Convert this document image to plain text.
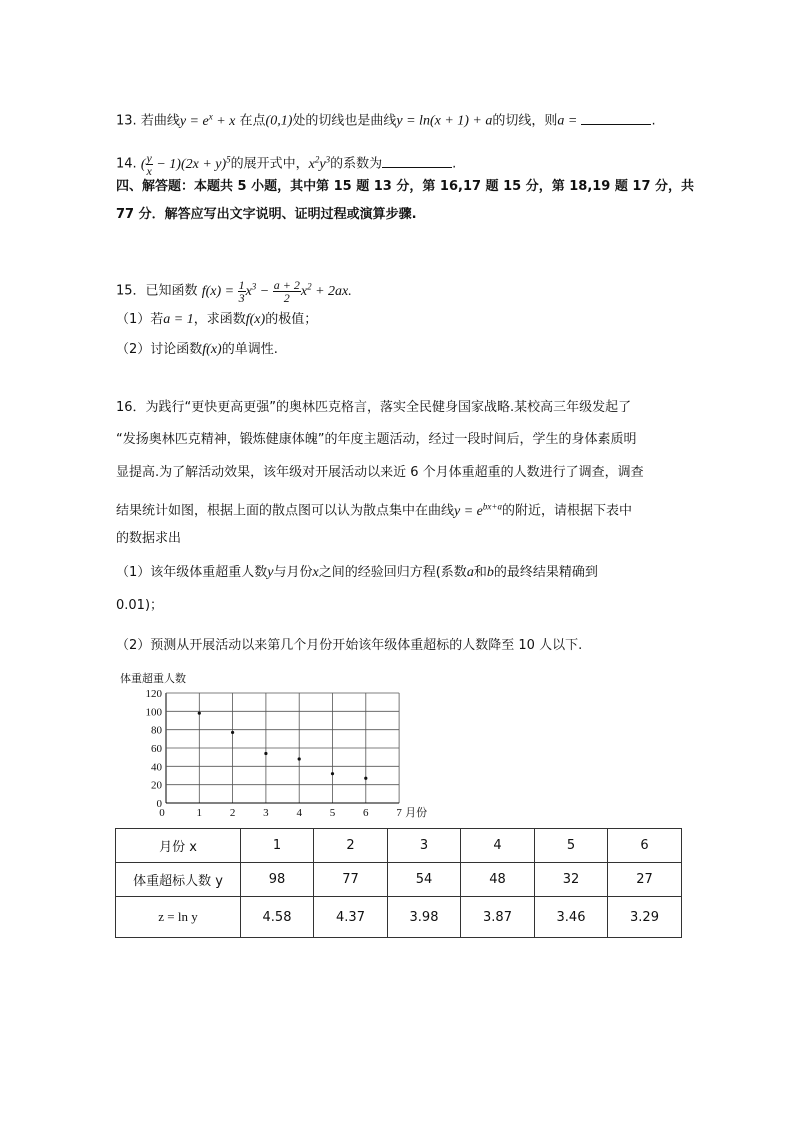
13. 若曲线$y = e^x + x$ 在点(0,1)处的切线也是曲线y = ln(x + 1) + a的切线，则a =	.
14. ( $\frac{y}{x} - 1)(2x + y)^5$的展开式中，$x^2y^3$的系数为	.
四、解答题：本题共 5 小题，其中第 15 题 13 分，第 16,17 题 15 分，第 18,19 题 17 分，共
77 分．解答应写出文字说明、证明过程或演算步骤.
15．已知函数 $f(x) = \frac{1}{3} x^3 - \frac{a + 2}{2} x^2 + 2ax$.
（1）若a = 1，求函数f(x)的极值；
（2）讨论函数f(x)的单调性.
16．为践行“更快更高更强”的奥林匹克格言，落实全民健身国家战略.某校高三年级发起了
“发扬奥林匹克精神，锻炼健康体魄”的年度主题活动，经过一段时间后，学生的身体素质明
显提高.为了解活动效果，该年级对开展活动以来近 6 个月体重超重的人数进行了调查，调查
结果统计如图，根据上面的散点图可以认为散点集中在曲线$y = e^{bx+a}$的附近，请根据下表中
的数据求出
（1）该年级体重超重人数y与月份x之间的经验回归方程(系数a和b的最终结果精确到
0.01)；
（2）预测从开展活动以来第几个月份开始该年级体重超标的人数降至 10 人以下.
体重超重人数
0
20
40
60
80
100
120
0	1	2	3	4	5	6	7 月份
月份 x	1	2	3	4	5	6
体重超标人数 y	98	77	54	48	32	27
z = ln y	4.58	4.37	3.98	3.87	3.46	3.29
